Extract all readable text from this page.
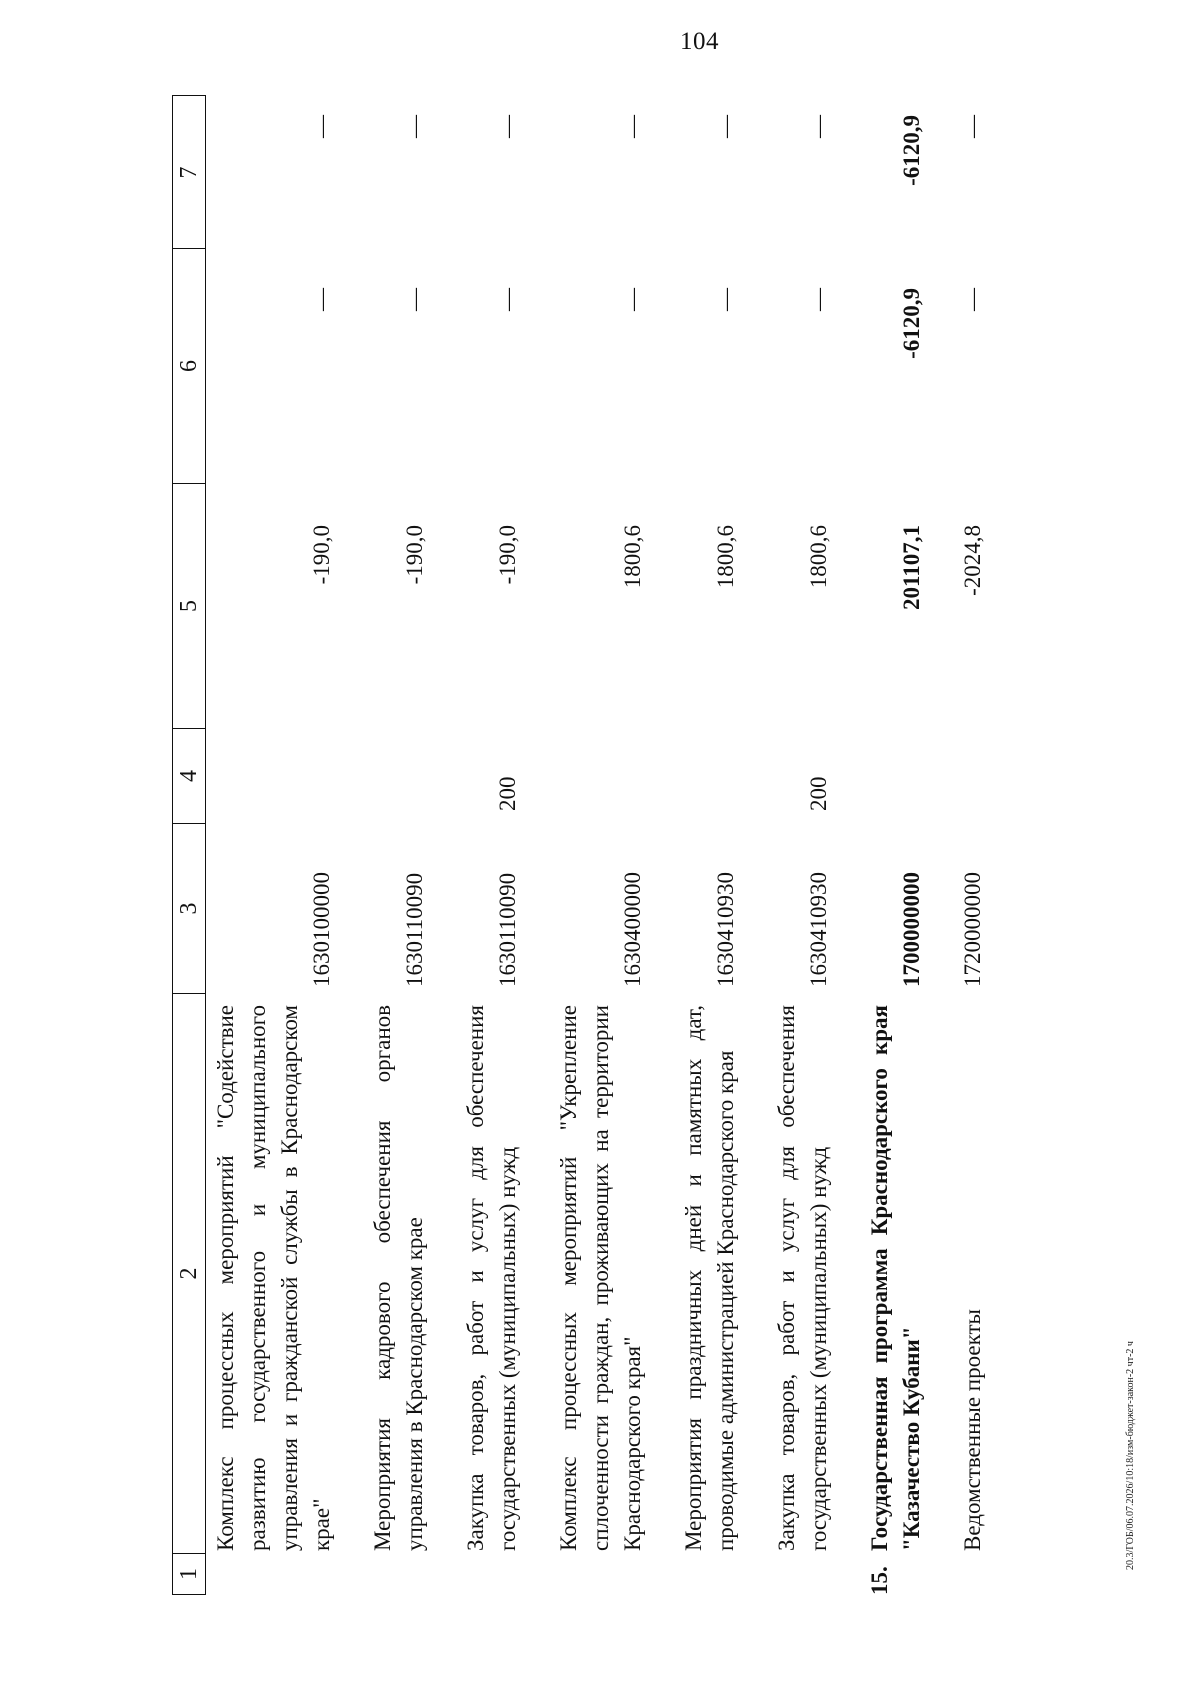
104
20.3/ГОБ/06.07.2026/10:18/изм-бюджет-закон-2 чт-2 ч
1
2
3
4
5
6
7
Комплекс процессных мероприятий "Содействие развитию государственного и муниципального управления и гражданской службы в Краснодарском крае"
1630100000
-190,0
—
—
Мероприятия кадрового обеспечения органов управления в Краснодарском крае
1630110090
-190,0
—
—
Закупка товаров, работ и услуг для обеспечения государственных (муниципальных) нужд
1630110090
200
-190,0
—
—
Комплекс процессных мероприятий "Укрепление сплоченности граждан, проживающих на территории Краснодарского края"
1630400000
1800,6
—
—
Мероприятия праздничных дней и памятных дат, проводимые администрацией Краснодарского края
1630410930
1800,6
—
—
Закупка товаров, работ и услуг для обеспечения государственных (муниципальных) нужд
1630410930
200
1800,6
—
—
15.
Государственная программа Краснодарского края "Казачество Кубани"
1700000000
201107,1
-6120,9
-6120,9
Ведомственные проекты
1720000000
-2024,8
—
—
